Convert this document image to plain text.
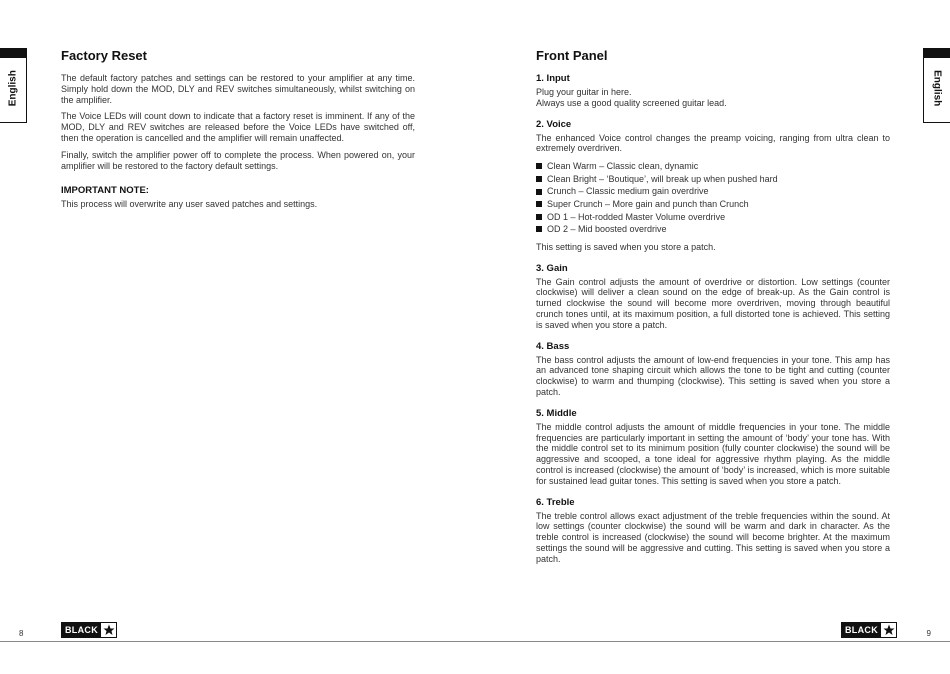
English
Factory Reset

The default factory patches and settings can be restored to your amplifier at any time. Simply hold down the MOD, DLY and REV switches simultaneously, whilst switching on the amplifier.

The Voice LEDs will count down to indicate that a factory reset is imminent. If any of the MOD, DLY and REV switches are released before the Voice LEDs have switched off, then the operation is cancelled and the amplifier will remain unaffected.

Finally, switch the amplifier power off to complete the process. When powered on, your amplifier will be restored to the factory default settings.

IMPORTANT NOTE:

This process will overwrite any user saved patches and settings.

8	BLACK
English
Front Panel
1. Input

Plug your guitar in here.

Always use a good quality screened guitar lead.

2. Voice

The enhanced Voice control changes the preamp voicing, ranging from ultra clean to extremely overdriven.

Clean Warm – Classic clean, dynamic
Clean Bright – ‘Boutique’, will break up when pushed hard
Crunch – Classic medium gain overdrive
Super Crunch – More gain and punch than Crunch
OD 1 – Hot-rodded Master Volume overdrive
OD 2 – Mid boosted overdrive

This setting is saved when you store a patch.

3. Gain

The Gain control adjusts the amount of overdrive or distortion. Low settings (counter clockwise) will deliver a clean sound on the edge of break-up. As the Gain control is turned clockwise the sound will become more overdriven, moving through beautiful crunch tones until, at its maximum position, a full distorted tone is achieved. This setting is saved when you store a patch.

4. Bass

The bass control adjusts the amount of low-end frequencies in your tone. This amp has an advanced tone shaping circuit which allows the tone to be tight and cutting (counter clockwise) to warm and thumping (clockwise). This setting is saved when you store a patch.

5. Middle

The middle control adjusts the amount of middle frequencies in your tone. The middle frequencies are particularly important in setting the amount of ‘body’ your tone has. With the middle control set to its minimum position (fully counter clockwise) the sound will be aggressive and scooped, a tone ideal for aggressive rhythm playing. As the middle control is increased (clockwise) the amount of ‘body’ is increased, which is more suitable for sustained lead guitar tones. This setting is saved when you store a patch.

6. Treble

The treble control allows exact adjustment of the treble frequencies within the sound. At low settings (counter clockwise) the sound will be warm and dark in character. As the treble control is increased (clockwise) the sound will become brighter. At the maximum settings the sound will be aggressive and cutting. This setting is saved when you store a patch.

BLACK	9
